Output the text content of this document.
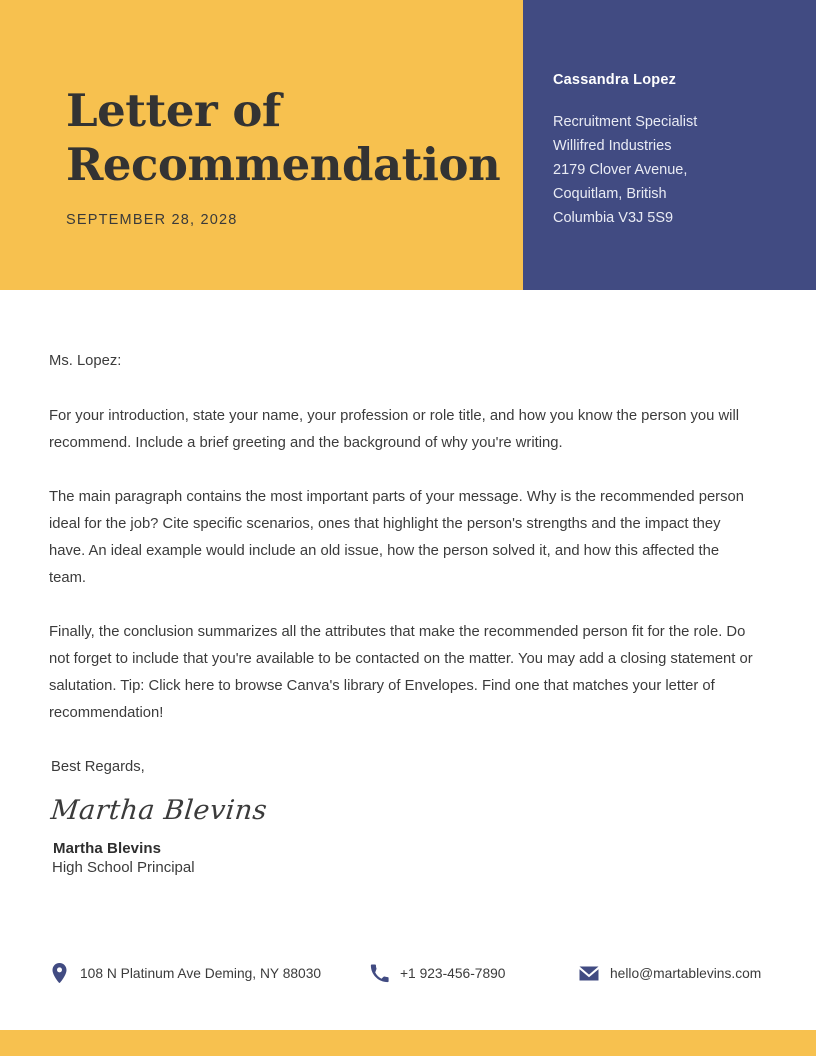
Letter of Recommendation
SEPTEMBER 28, 2028
Cassandra Lopez
Recruitment Specialist
Willifred Industries
2179 Clover Avenue,
Coquitlam, British
Columbia V3J 5S9

Ms. Lopez:

For your introduction, state your name, your profession or role title, and how you know the person you will recommend. Include a brief greeting and the background of why you're writing.

The main paragraph contains the most important parts of your message. Why is the recommended person ideal for the job? Cite specific scenarios, ones that highlight the person's strengths and the impact they have. An ideal example would include an old issue, how the person solved it, and how this affected the team.

Finally, the conclusion summarizes all the attributes that make the recommended person fit for the role. Do not forget to include that you're available to be contacted on the matter. You may add a closing statement or salutation. Tip: Click here to browse Canva's library of Envelopes. Find one that matches your letter of recommendation!

Best Regards,

Martha Blevins
Martha Blevins
High School Principal
108 N Platinum Ave Deming, NY 88030	+1 923-456-7890	hello@martablevins.com
